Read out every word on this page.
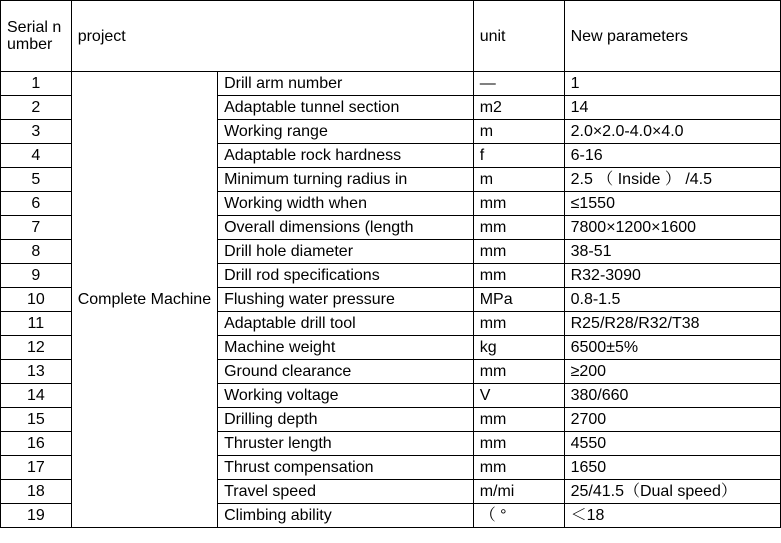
Serial number	project		unit	New parameters
1	Complete Machine	Drill arm number	—	1
2		Adaptable tunnel section	m2	14
3		Working range	m	2.0×2.0-4.0×4.0
4		Adaptable rock hardness	f	6-16
5		Minimum turning radius in	m	2.5 （ Inside ） /4.5
6		Working width when	mm	≤1550
7		Overall dimensions (length	mm	7800×1200×1600
8		Drill hole diameter	mm	38-51
9		Drill rod specifications	mm	R32-3090
10		Flushing water pressure	MPa	0.8-1.5
11		Adaptable drill tool	mm	R25/R28/R32/T38
12		Machine weight	kg	6500±5%
13		Ground clearance	mm	≥200
14		Working voltage	V	380/660
15		Drilling depth	mm	2700
16		Thruster length	mm	4550
17		Thrust compensation	mm	1650
18		Travel speed	m/mi	25/41.5（Dual speed）
19		Climbing ability	（ °	＜18
